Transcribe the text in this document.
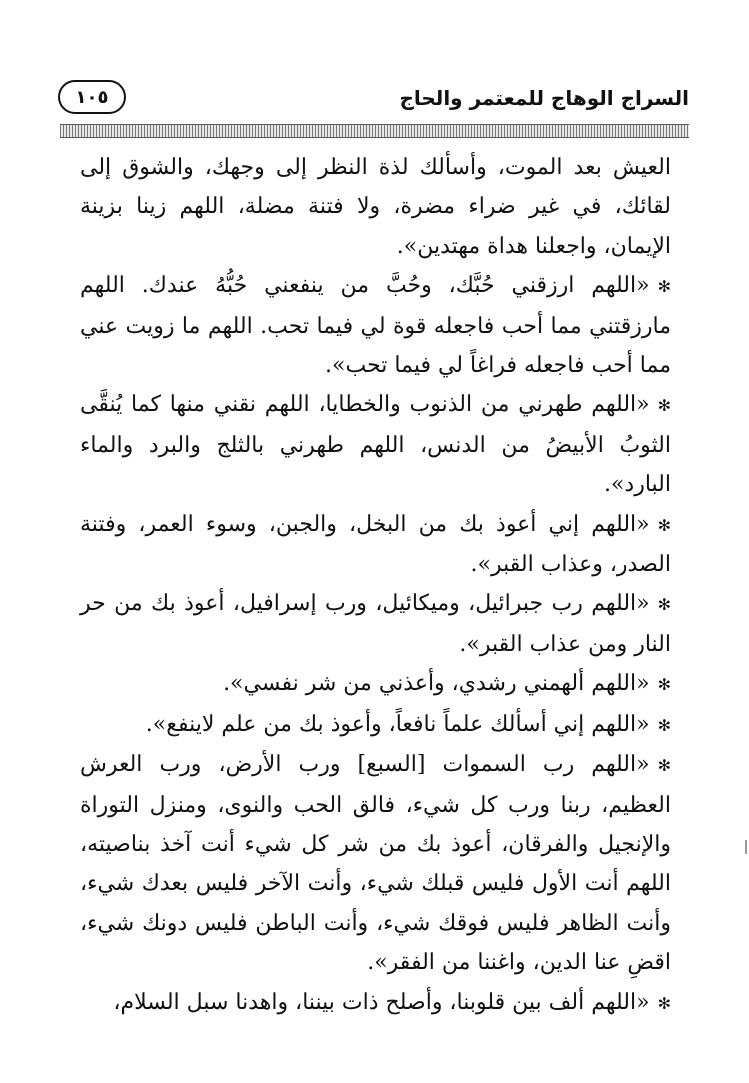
السراج الوهاج للمعتمر والحاج
١٠٥

العيش بعد الموت، وأسألك لذة النظر إلى وجهك، والشوق إلى لقائك، في غير ضراء مضرة، ولا فتنة مضلة، اللهم زينا بزينة الإيمان، واجعلنا هداة مهتدين».

✻«اللهم ارزقني حُبَّك، وحُبَّ من ينفعني حُبُّهُ عندك. اللهم مارزقتني مما أحب فاجعله قوة لي فيما تحب. اللهم ما زويت عني مما أحب فاجعله فراغاً لي فيما تحب».

✻«اللهم طهرني من الذنوب والخطايا، اللهم نقني منها كما يُنقَّى الثوبُ الأبيضُ من الدنس، اللهم طهرني بالثلج والبرد والماء البارد».

✻«اللهم إني أعوذ بك من البخل، والجبن، وسوء العمر، وفتنة الصدر، وعذاب القبر».

✻«اللهم رب جبرائيل، وميكائيل، ورب إسرافيل، أعوذ بك من حر النار ومن عذاب القبر».

✻«اللهم ألهمني رشدي، وأعذني من شر نفسي».

✻«اللهم إني أسألك علماً نافعاً، وأعوذ بك من علم لاينفع».

✻«اللهم رب السموات [السبع] ورب الأرض، ورب العرش العظيم، ربنا ورب كل شيء، فالق الحب والنوى، ومنزل التوراة والإنجيل والفرقان، أعوذ بك من شر كل شيء أنت آخذ بناصيته، اللهم أنت الأول فليس قبلك شيء، وأنت الآخر فليس بعدك شيء، وأنت الظاهر فليس فوقك شيء، وأنت الباطن فليس دونك شيء، اقضِ عنا الدين، واغننا من الفقر».

✻«اللهم ألف بين قلوبنا، وأصلح ذات بيننا، واهدنا سبل السلام،
